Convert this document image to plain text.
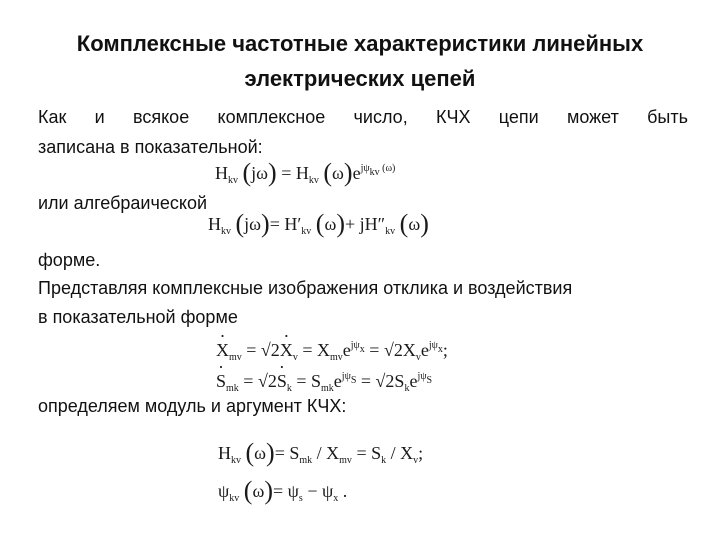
Комплексные частотные характеристики линейных
электрических цепей

Как и всякое комплексное число, КЧХ цепи может быть

записана в показательной:

$H_{kv}$ $(j\omega) = H_{kv}$ $(\omega)e^{j\psi_{kv} (\omega)}$

или алгебраической

$H_{kv}$ $(j\omega)= H'_{kv}$ $(\omega)+ jH''_{kv}$ (ω)

форме.

Представляя комплексные изображения отклика и воздействия

в показательной форме

· $X_{mv} = √2\cdot X_v = X_{mv}e^{j\psi_x} = √2X_ve^{j\psi_x}$;
· $S_{mk} = √2\cdot S_k = S_{mk}e^{j\psi_S} = √2S_ke^{j\psi_S}$

определяем модуль и аргумент КЧХ:

$H_{kv}$ $(\omega)= S_{mk} / X_{mv} = S_k / X_v$;
$\psi_{kv}$ $(\omega)= \psi_s - \psi_x$ .
